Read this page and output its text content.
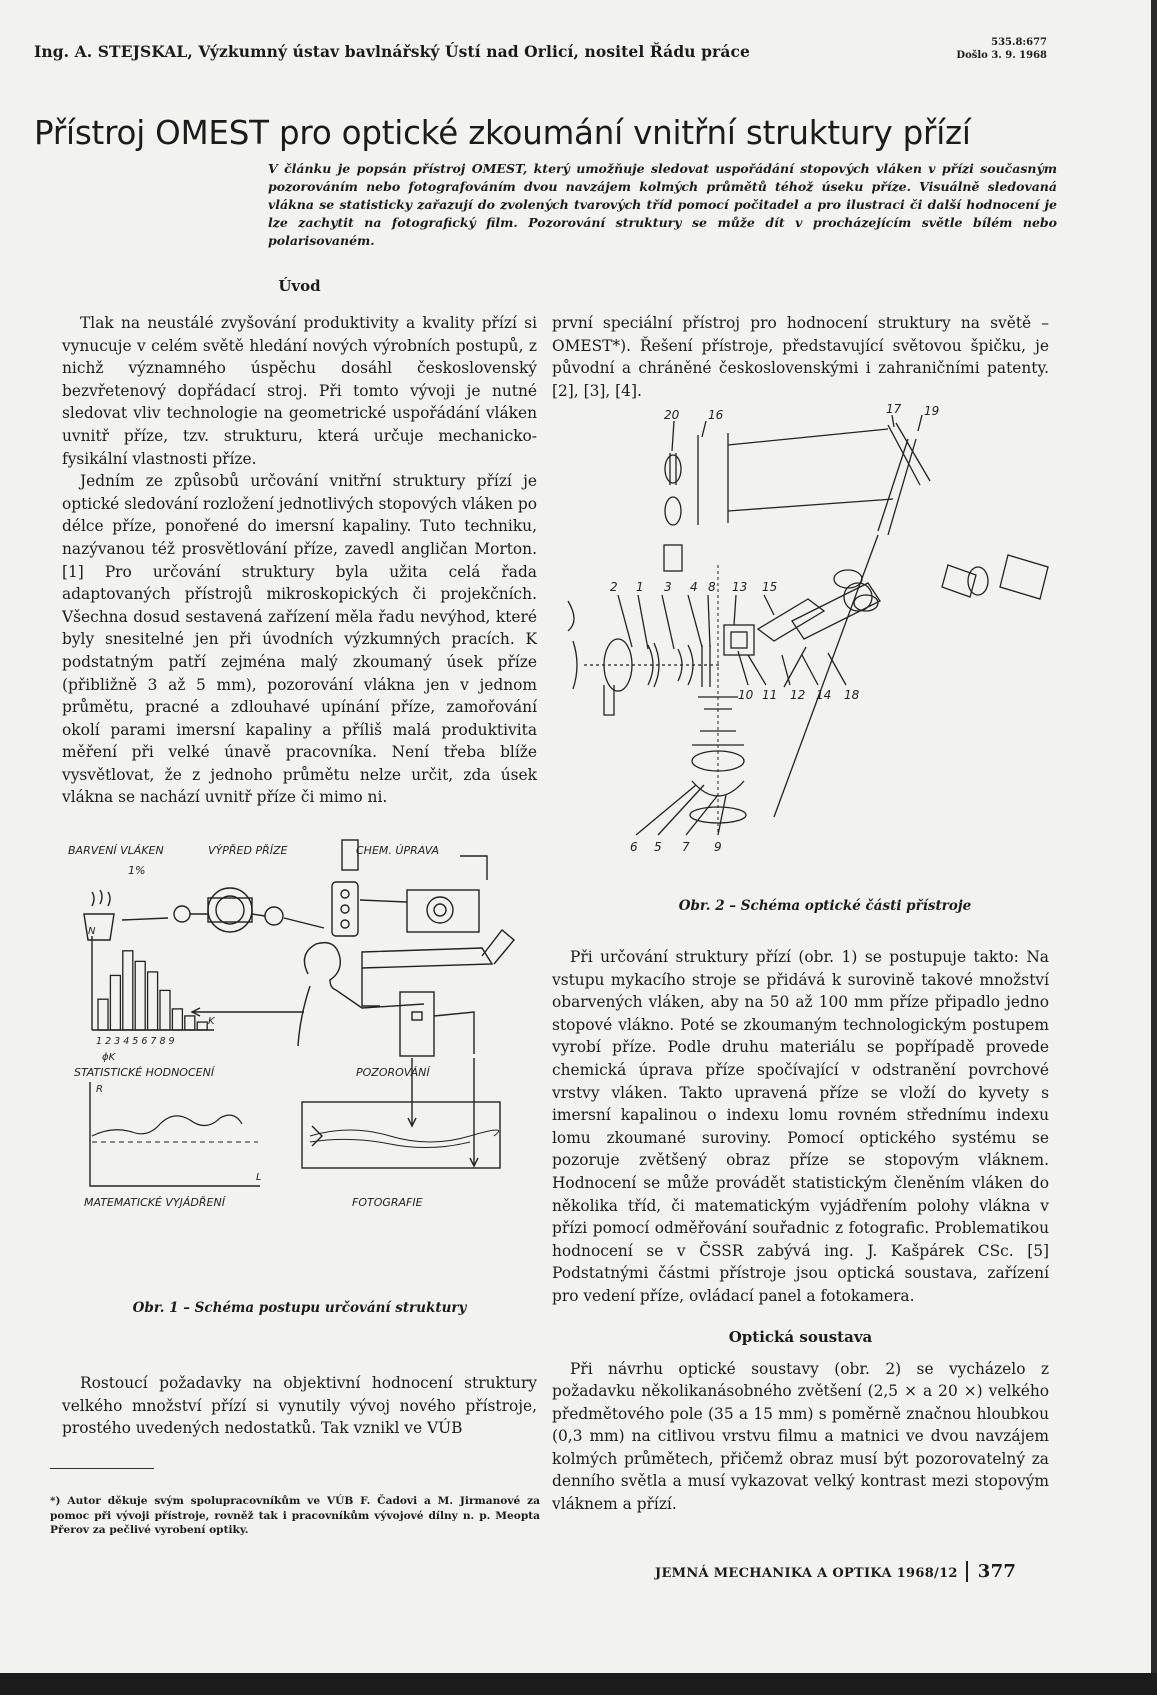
Ing. A. STEJSKAL, Výzkumný ústav bavlnářský Ústí nad Orlicí, nositel Řádu práce	535.8:677
Došlo 3. 9. 1968
Přístroj OMEST pro optické zkoumání vnitřní struktury přízí
V článku je popsán přístroj OMEST, který umožňuje sledovat uspořádání stopových vláken v přízi současným pozorováním nebo fotografováním dvou navzájem kolmých průmětů téhož úseku příze. Visuálně sledovaná vlákna se statisticky zařazují do zvolených tvarových tříd pomocí počitadel a pro ilustraci či další hodnocení je lze zachytit na fotografický film. Pozorování struktury se může dít v procházejícím světle bílém nebo polarisovaném.
Úvod

Tlak na neustálé zvyšování produktivity a kvality přízí si vynucuje v celém světě hledání nových výrobních postupů, z nichž významného úspěchu dosáhl československý bezvřetenový dopřádací stroj. Při tomto vývoji je nutné sledovat vliv technologie na geometrické uspořádání vláken uvnitř příze, tzv. strukturu, která určuje mechanicko-fysikální vlastnosti příze.

Jedním ze způsobů určování vnitřní struktury přízí je optické sledování rozložení jednotlivých stopových vláken po délce příze, ponořené do imersní kapaliny. Tuto techniku, nazývanou též prosvětlování příze, zavedl angličan Morton. [1] Pro určování struktury byla užita celá řada adaptovaných přístrojů mikroskopických či projekčních. Všechna dosud sestavená zařízení měla řadu nevýhod, které byly snesitelné jen při úvodních výzkumných pracích. K podstatným patří zejména malý zkoumaný úsek příze (přibližně 3 až 5 mm), pozorování vlákna jen v jednom průmětu, pracné a zdlouhavé upínání příze, zamořování okolí parami imersní kapaliny a příliš malá produktivita měření při velké únavě pracovníka. Není třeba blíže vysvětlovat, že z jednoho průmětu nelze určit, zda úsek vlákna se nachází uvnitř příze či mimo ni.

BARVENÍ VLÁKEN
1%
VÝPŘED PŘÍZE	CHEM. ÚPRAVA
N
K
1 2 3 4 5 6 7 8 9
ϕK
STATISTICKÉ HODNOCENÍ	POZOROVÁNÍ
R
L
MATEMATICKÉ VYJÁDŘENÍ	FOTOGRAFIE
Obr. 1 – Schéma postupu určování struktury

Rostoucí požadavky na objektivní hodnocení struktury velkého množství přízí si vynutily vývoj nového přístroje, prostého uvedených nedostatků. Tak vznikl ve VÚB

*) Autor děkuje svým spolupracovníkům ve VÚB F. Čadovi a M. Jirmanové za pomoc při vývoji přístroje, rovněž tak i pracovníkům vývojové dílny n. p. Meopta Přerov za pečlivé vyrobení optiky.

první speciální přístroj pro hodnocení struktury na světě – OMEST*). Řešení přístroje, představující světovou špičku, je původní a chráněné československými i zahraničními patenty. [2], [3], [4].

20 16	17 19
2 1 3 4 8 13 15
10 11 12 14 18
6 5 7 9
Obr. 2 – Schéma optické části přístroje

Při určování struktury přízí (obr. 1) se postupuje takto: Na vstupu mykacího stroje se přidává k surovině takové množství obarvených vláken, aby na 50 až 100 mm příze připadlo jedno stopové vlákno. Poté se zkoumaným technologickým postupem vyrobí příze. Podle druhu materiálu se popřípadě provede chemická úprava příze spočívající v odstranění povrchové vrstvy vláken. Takto upravená příze se vloží do kyvety s imersní kapalinou o indexu lomu rovném střednímu indexu lomu zkoumané suroviny. Pomocí optického systému se pozoruje zvětšený obraz příze se stopovým vláknem. Hodnocení se může provádět statistickým členěním vláken do několika tříd, či matematickým vyjádřením polohy vlákna v přízi pomocí odměřování souřadnic z fotografic. Problematikou hodnocení se v ČSSR zabývá ing. J. Kašpárek CSc. [5] Podstatnými částmi přístroje jsou optická soustava, zařízení pro vedení příze, ovládací panel a fotokamera.

Optická soustava

Při návrhu optické soustavy (obr. 2) se vycházelo z požadavku několikanásobného zvětšení (2,5 × a 20 ×) velkého předmětového pole (35 a 15 mm) s poměrně značnou hloubkou (0,3 mm) na citlivou vrstvu filmu a matnici ve dvou navzájem kolmých průmětech, přičemž obraz musí být pozorovatelný za denního světla a musí vykazovat velký kontrast mezi stopovým vláknem a přízí.

JEMNÁ MECHANIKA A OPTIKA 1968/12 377
